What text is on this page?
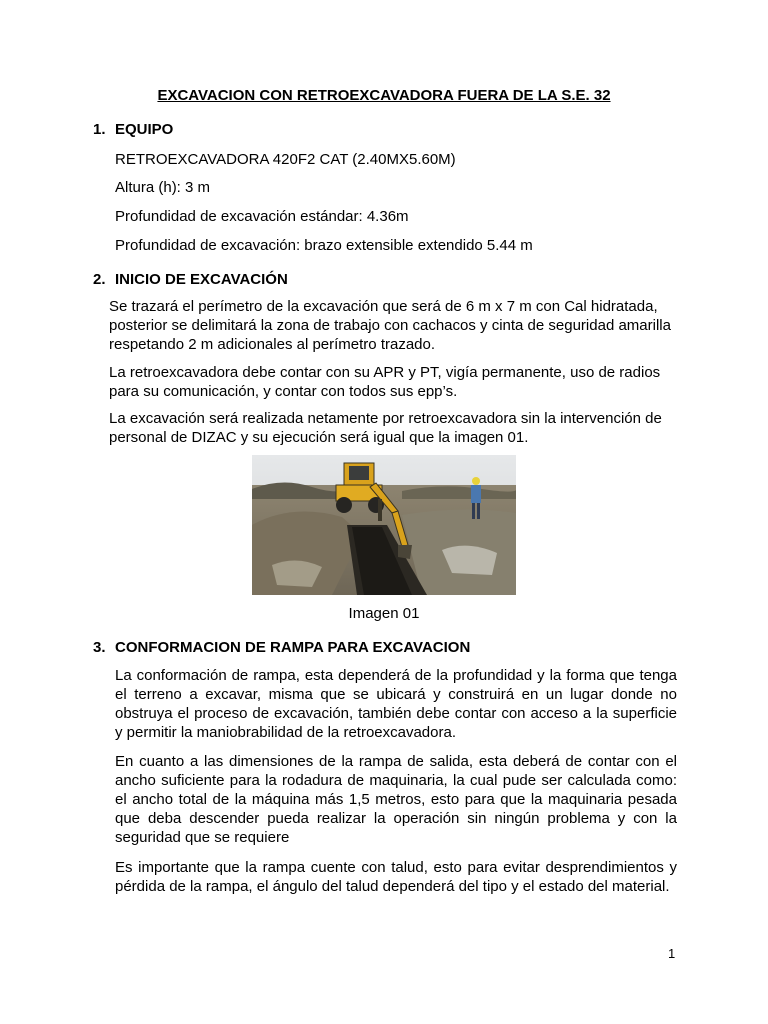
EXCAVACION CON RETROEXCAVADORA FUERA DE LA S.E. 32
1. EQUIPO
RETROEXCAVADORA 420F2 CAT (2.40MX5.60M)
Altura (h): 3 m
Profundidad de excavación estándar: 4.36m
Profundidad de excavación: brazo extensible extendido 5.44 m
2. INICIO DE EXCAVACIÓN

Se trazará el perímetro de la excavación que será de 6 m x 7 m con Cal hidratada, posterior se delimitará la zona de trabajo con cachacos y cinta de seguridad amarilla respetando 2 m adicionales al perímetro trazado.

La retroexcavadora debe contar con su APR y PT, vigía permanente, uso de radios para su comunicación, y contar con todos sus epp’s.

La excavación será realizada netamente por retroexcavadora sin la intervención de personal de DIZAC y su ejecución será igual que la imagen 01.

Imagen 01
3. CONFORMACION DE RAMPA PARA EXCAVACION

La conformación de rampa, esta dependerá de la profundidad y la forma que tenga el terreno a excavar, misma que se ubicará y construirá en un lugar donde no obstruya el proceso de excavación, también debe contar con acceso a la superficie y permitir la maniobrabilidad de la retroexcavadora.

En cuanto a las dimensiones de la rampa de salida, esta deberá de contar con el ancho suficiente para la rodadura de maquinaria, la cual pude ser calculada como: el ancho total de la máquina más 1,5 metros, esto para que la maquinaria pesada que deba descender pueda realizar la operación sin ningún problema y con la seguridad que se requiere

Es importante que la rampa cuente con talud, esto para evitar desprendimientos y pérdida de la rampa, el ángulo del talud dependerá del tipo y el estado del material.

1
